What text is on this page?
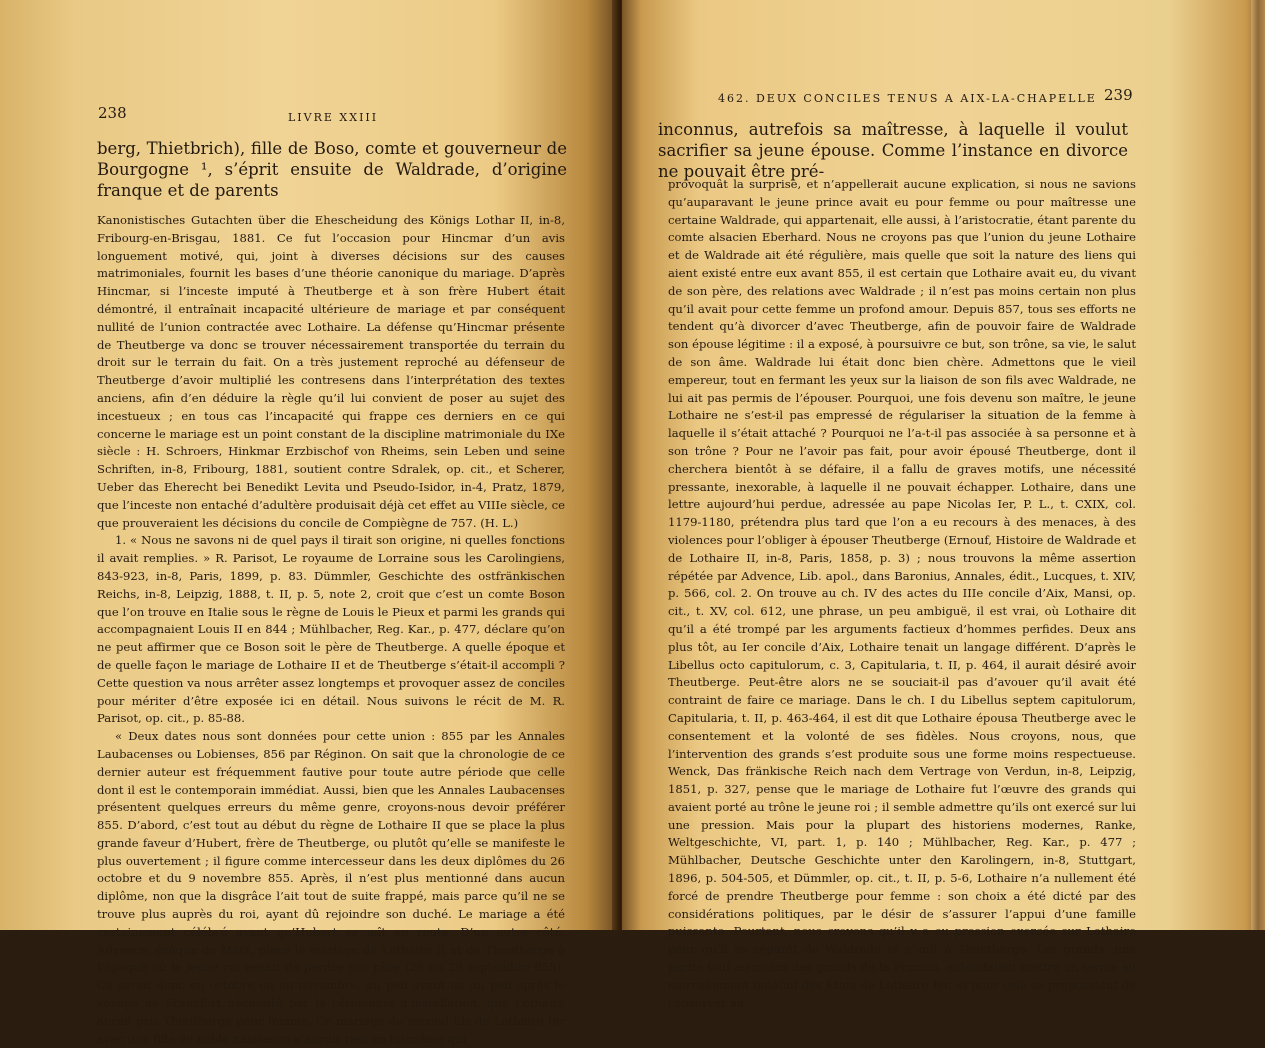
238	LIVRE XXIII
berg, Thietbrich), fille de Boso, comte et gouverneur de Bourgogne ¹, s’éprit ensuite de Waldrade, d’origine franque et de parents

Kanonistisches Gutachten über die Ehescheidung des Königs Lothar II, in-8, Fribourg-en-Brisgau, 1881. Ce fut l’occasion pour Hincmar d’un avis longuement motivé, qui, joint à diverses décisions sur des causes matrimoniales, fournit les bases d’une théorie canonique du mariage. D’après Hincmar, si l’inceste imputé à Theutberge et à son frère Hubert était démontré, il entraînait incapacité ultérieure de mariage et par conséquent nullité de l’union contractée avec Lothaire. La défense qu’Hincmar présente de Theutberge va donc se trouver nécessairement transportée du terrain du droit sur le terrain du fait. On a très justement reproché au défenseur de Theutberge d’avoir multiplié les contresens dans l’interprétation des textes anciens, afin d’en déduire la règle qu’il lui convient de poser au sujet des incestueux ; en tous cas l’incapacité qui frappe ces derniers en ce qui concerne le mariage est un point constant de la discipline matrimoniale du IXe siècle : H. Schroers, Hinkmar Erzbischof von Rheims, sein Leben und seine Schriften, in-8, Fribourg, 1881, soutient contre Sdralek, op. cit., et Scherer, Ueber das Eherecht bei Benedikt Levita und Pseudo-Isidor, in-4, Pratz, 1879, que l’inceste non entaché d’adultère produisait déjà cet effet au VIIIe siècle, ce que prouveraient les décisions du concile de Compiègne de 757. (H. L.)

1. « Nous ne savons ni de quel pays il tirait son origine, ni quelles fonctions il avait remplies. » R. Parisot, Le royaume de Lorraine sous les Carolingiens, 843-923, in-8, Paris, 1899, p. 83. Dümmler, Geschichte des ostfränkischen Reichs, in-8, Leipzig, 1888, t. II, p. 5, note 2, croit que c’est un comte Boson que l’on trouve en Italie sous le règne de Louis le Pieux et parmi les grands qui accompagnaient Louis II en 844 ; Mühlbacher, Reg. Kar., p. 477, déclare qu’on ne peut affirmer que ce Boson soit le père de Theutberge. A quelle époque et de quelle façon le mariage de Lothaire II et de Theutberge s’était-il accompli ? Cette question va nous arrêter assez longtemps et provoquer assez de conciles pour mériter d’être exposée ici en détail. Nous suivons le récit de M. R. Parisot, op. cit., p. 85-88.

« Deux dates nous sont données pour cette union : 855 par les Annales Laubacenses ou Lobienses, 856 par Réginon. On sait que la chronologie de ce dernier auteur est fréquemment fautive pour toute autre période que celle dont il est le contemporain immédiat. Aussi, bien que les Annales Laubacenses présentent quelques erreurs du même genre, croyons-nous devoir préférer 855. D’abord, c’est tout au début du règne de Lothaire II que se place la plus grande faveur d’Hubert, frère de Theutberge, ou plutôt qu’elle se manifeste le plus ouvertement ; il figure comme intercesseur dans les deux diplômes du 26 octobre et du 9 novembre 855. Après, il n’est plus mentionné dans aucun diplôme, non que la disgrâce l’ait tout de suite frappé, mais parce qu’il ne se trouve plus auprès du roi, ayant dû rejoindre son duché. Le mariage a été certainement célébré avant qu’Hubert se mît en route. D’un autre côté, Advence, évêque de Metz, place le mariage de Lothaire II et de Theutberge à l’époque où le jeune roi venait de perdre son père (28 ou 29 septembre 855). Ce serait donc en octobre ou en novembre, un peu avant ou un peu après le voyage de Francfort nécessité par la cérémonie d’installation, que Lothaire aurait pris Theutberge pour femme. Ce mariage du second fils de Lothaire Ier avec une fille de noble naissance n’aurait rien en lui-même qui

462. DEUX CONCILES TENUS A AIX-LA-CHAPELLE 239
inconnus, autrefois sa maîtresse, à laquelle il voulut sacrifier sa jeune épouse. Comme l’instance en divorce ne pouvait être pré-

provoquât la surprise, et n’appellerait aucune explication, si nous ne savions qu’auparavant le jeune prince avait eu pour femme ou pour maîtresse une certaine Waldrade, qui appartenait, elle aussi, à l’aristocratie, étant parente du comte alsacien Eberhard. Nous ne croyons pas que l’union du jeune Lothaire et de Waldrade ait été régulière, mais quelle que soit la nature des liens qui aient existé entre eux avant 855, il est certain que Lothaire avait eu, du vivant de son père, des relations avec Waldrade ; il n’est pas moins certain non plus qu’il avait pour cette femme un profond amour. Depuis 857, tous ses efforts ne tendent qu’à divorcer d’avec Theutberge, afin de pouvoir faire de Waldrade son épouse légitime : il a exposé, à poursuivre ce but, son trône, sa vie, le salut de son âme. Waldrade lui était donc bien chère. Admettons que le vieil empereur, tout en fermant les yeux sur la liaison de son fils avec Waldrade, ne lui ait pas permis de l’épouser. Pourquoi, une fois devenu son maître, le jeune Lothaire ne s’est-il pas empressé de régulariser la situation de la femme à laquelle il s’était attaché ? Pourquoi ne l’a-t-il pas associée à sa personne et à son trône ? Pour ne l’avoir pas fait, pour avoir épousé Theutberge, dont il cherchera bientôt à se défaire, il a fallu de graves motifs, une nécessité pressante, inexorable, à laquelle il ne pouvait échapper. Lothaire, dans une lettre aujourd’hui perdue, adressée au pape Nicolas Ier, P. L., t. CXIX, col. 1179-1180, prétendra plus tard que l’on a eu recours à des menaces, à des violences pour l’obliger à épouser Theutberge (Ernouf, Histoire de Waldrade et de Lothaire II, in-8, Paris, 1858, p. 3) ; nous trouvons la même assertion répétée par Advence, Lib. apol., dans Baronius, Annales, édit., Lucques, t. XIV, p. 566, col. 2. On trouve au ch. IV des actes du IIIe concile d’Aix, Mansi, op. cit., t. XV, col. 612, une phrase, un peu ambiguë, il est vrai, où Lothaire dit qu’il a été trompé par les arguments factieux d’hommes perfides. Deux ans plus tôt, au Ier concile d’Aix, Lothaire tenait un langage différent. D’après le Libellus octo capitulorum, c. 3, Capitularia, t. II, p. 464, il aurait désiré avoir Theutberge. Peut-être alors ne se souciait-il pas d’avouer qu’il avait été contraint de faire ce mariage. Dans le ch. I du Libellus septem capitulorum, Capitularia, t. II, p. 463-464, il est dit que Lothaire épousa Theutberge avec le consentement et la volonté de ses fidèles. Nous croyons, nous, que l’intervention des grands s’est produite sous une forme moins respectueuse. Wenck, Das fränkische Reich nach dem Vertrage von Verdun, in-8, Leipzig, 1851, p. 327, pense que le mariage de Lothaire fut l’œuvre des grands qui avaient porté au trône le jeune roi ; il semble admettre qu’ils ont exercé sur lui une pression. Mais pour la plupart des historiens modernes, Ranke, Weltgeschichte, VI, part. 1, p. 140 ; Mühlbacher, Reg. Kar., p. 477 ; Mühlbacher, Deutsche Geschichte unter den Karolingern, in-8, Stuttgart, 1896, p. 504-505, et Dümmler, op. cit., t. II, p. 5-6, Lothaire n’a nullement été forcé de prendre Theutberge pour femme : son choix a été dicté par des considérations politiques, par le désir de s’assurer l’appui d’une famille puissante. Pourtant, nous croyons qu’il y a eu pression exercée sur Lothaire pour qu’il se séparât de Waldrade et s’unît à Theutberge. Les grands, une partie tout au moins des grands de la Francia, entendaient mettre un terme au morcellement indéfini des États de Lothaire Ier, et pour cela se proposaient de conserver au
